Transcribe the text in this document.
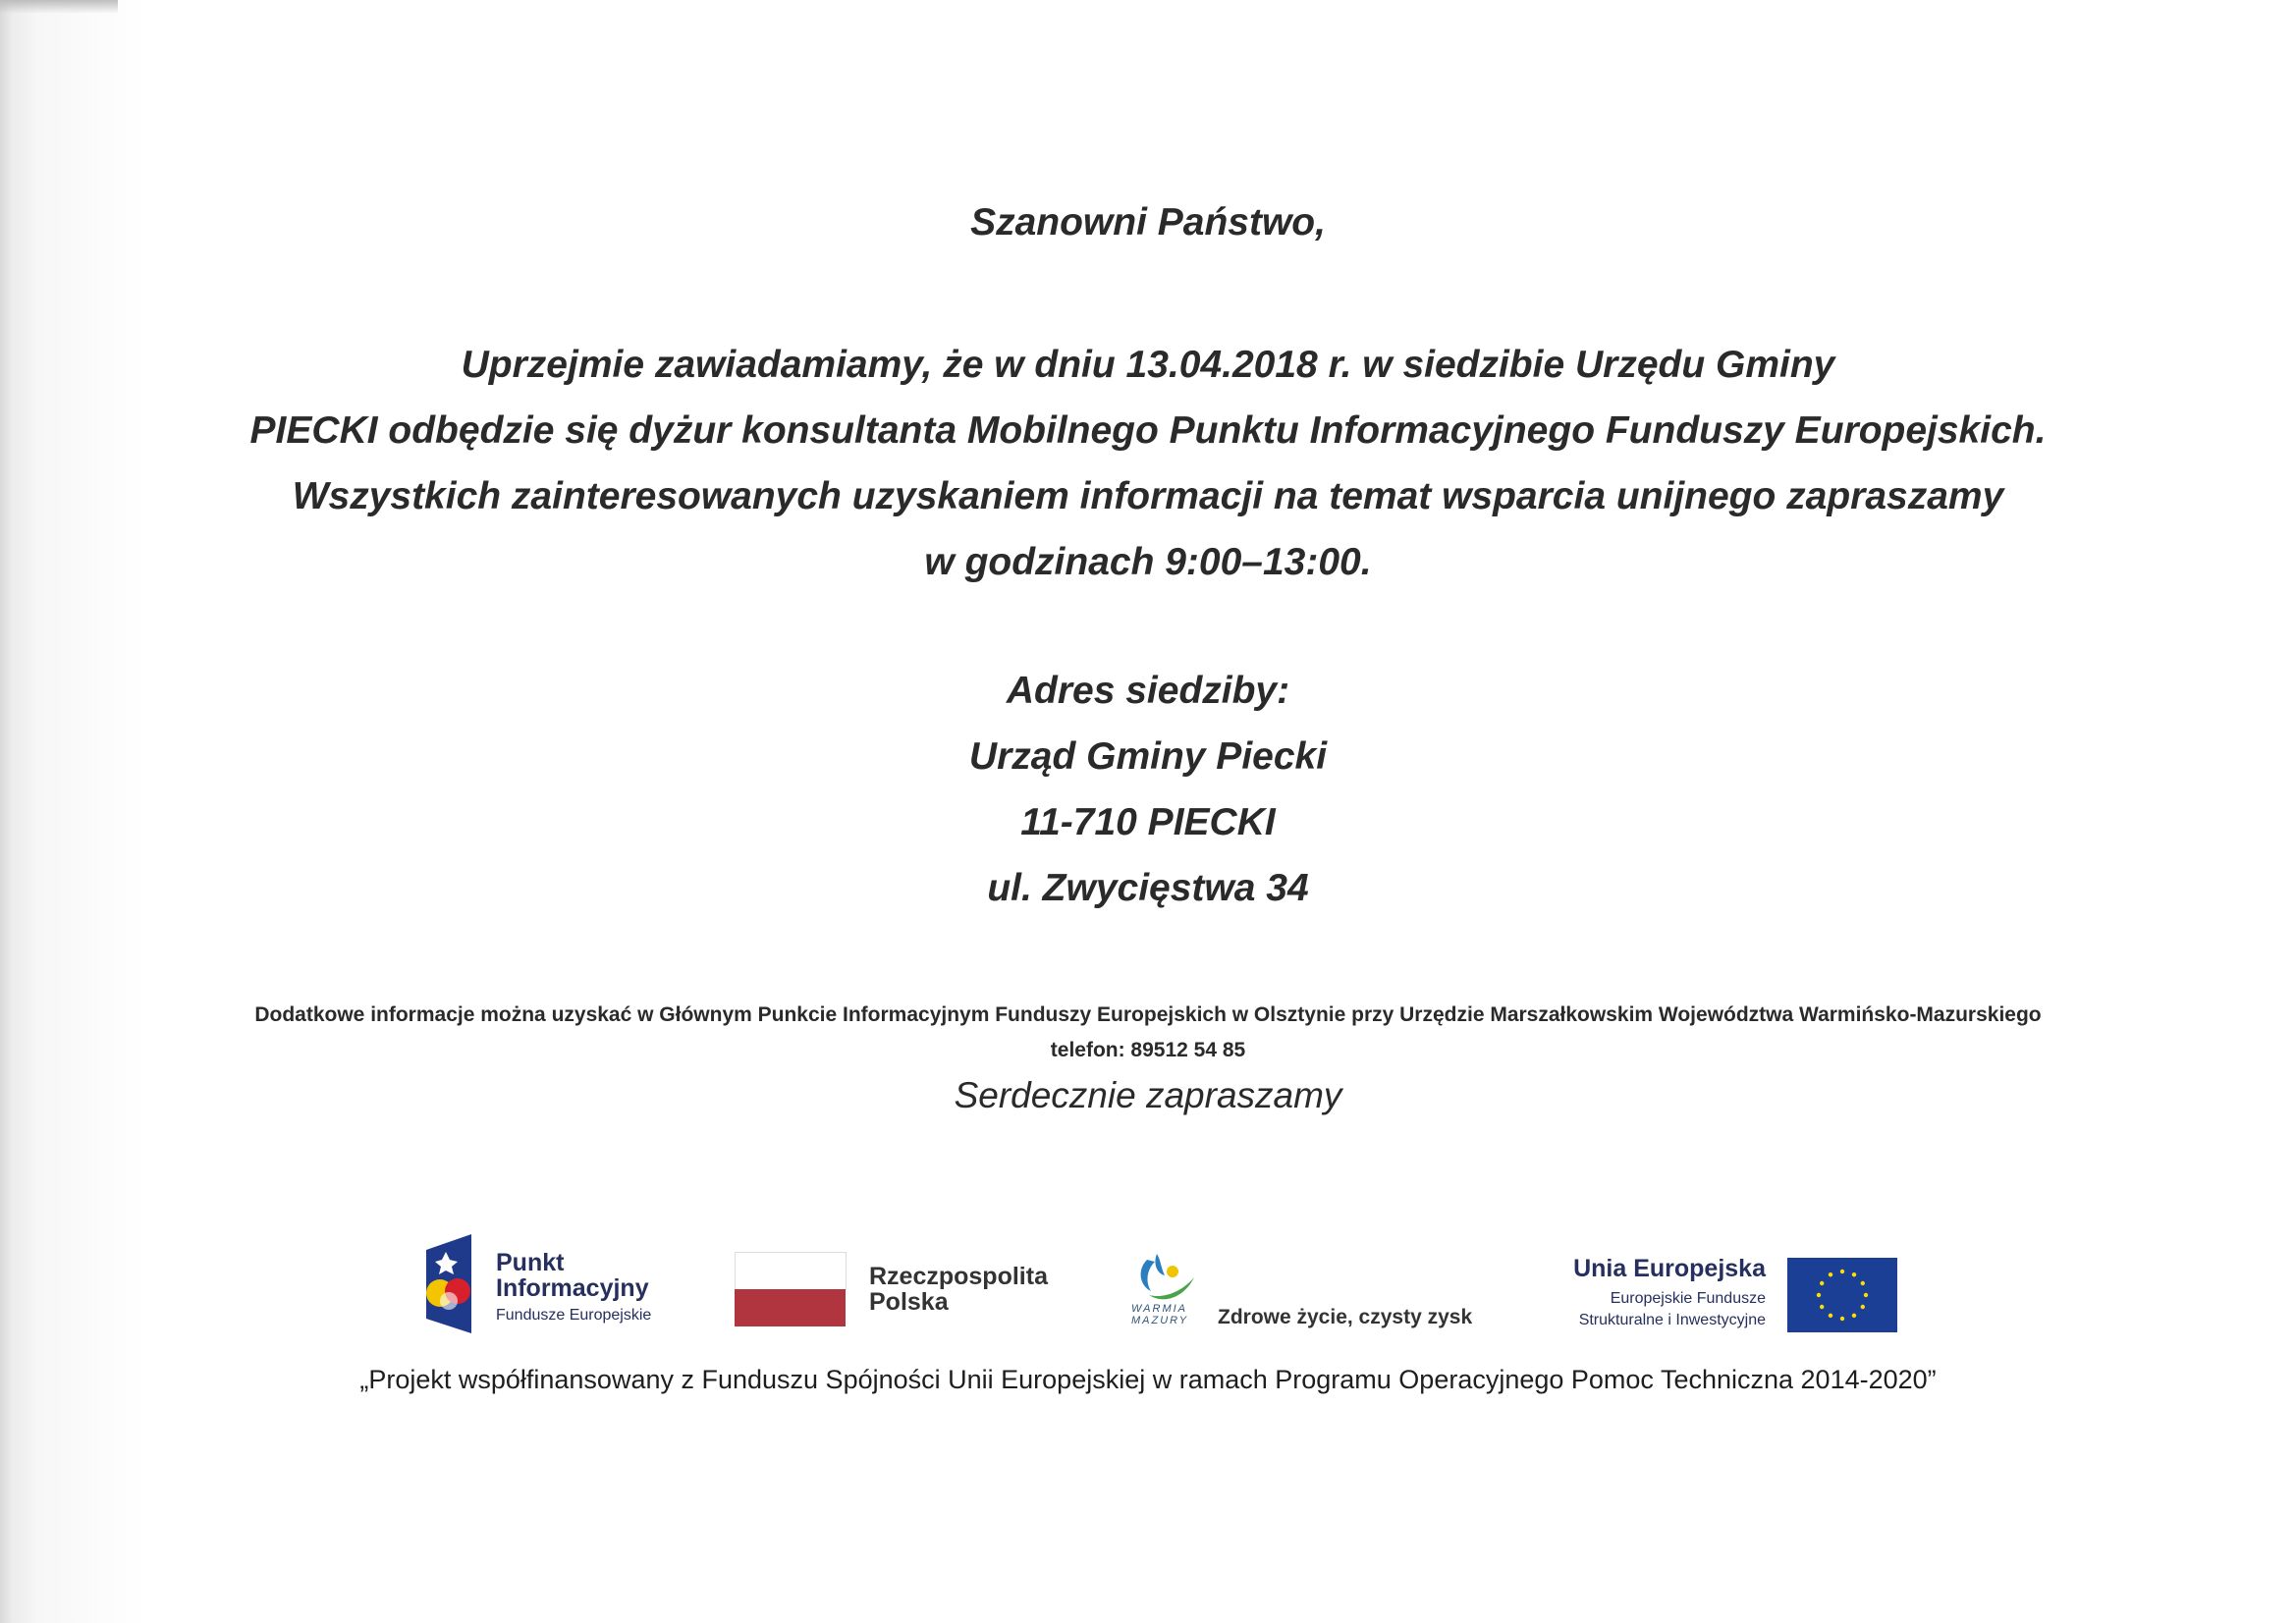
Szanowni Państwo,
Uprzejmie zawiadamiamy, że w dniu 13.04.2018 r. w siedzibie Urzędu Gminy
PIECKI odbędzie się dyżur konsultanta Mobilnego Punktu Informacyjnego Funduszy Europejskich.
Wszystkich zainteresowanych uzyskaniem informacji na temat wsparcia unijnego zapraszamy
w godzinach 9:00–13:00.
Adres siedziby:
Urząd Gminy Piecki
11-710 PIECKI
ul. Zwycięstwa 34
Dodatkowe informacje można uzyskać w Głównym Punkcie Informacyjnym Funduszy Europejskich w Olsztynie przy Urzędzie Marszałkowskim Województwa Warmińsko-Mazurskiego
telefon: 89512 54 85
Serdecznie zapraszamy
Punkt
Informacyjny
Fundusze Europejskie
Rzeczpospolita
Polska	WARMIA
MAZURY Zdrowe życie, czysty zysk
Unia Europejska
Europejskie Fundusze
Strukturalne i Inwestycyjne
„Projekt współfinansowany z Funduszu Spójności Unii Europejskiej w ramach Programu Operacyjnego Pomoc Techniczna 2014-2020”
